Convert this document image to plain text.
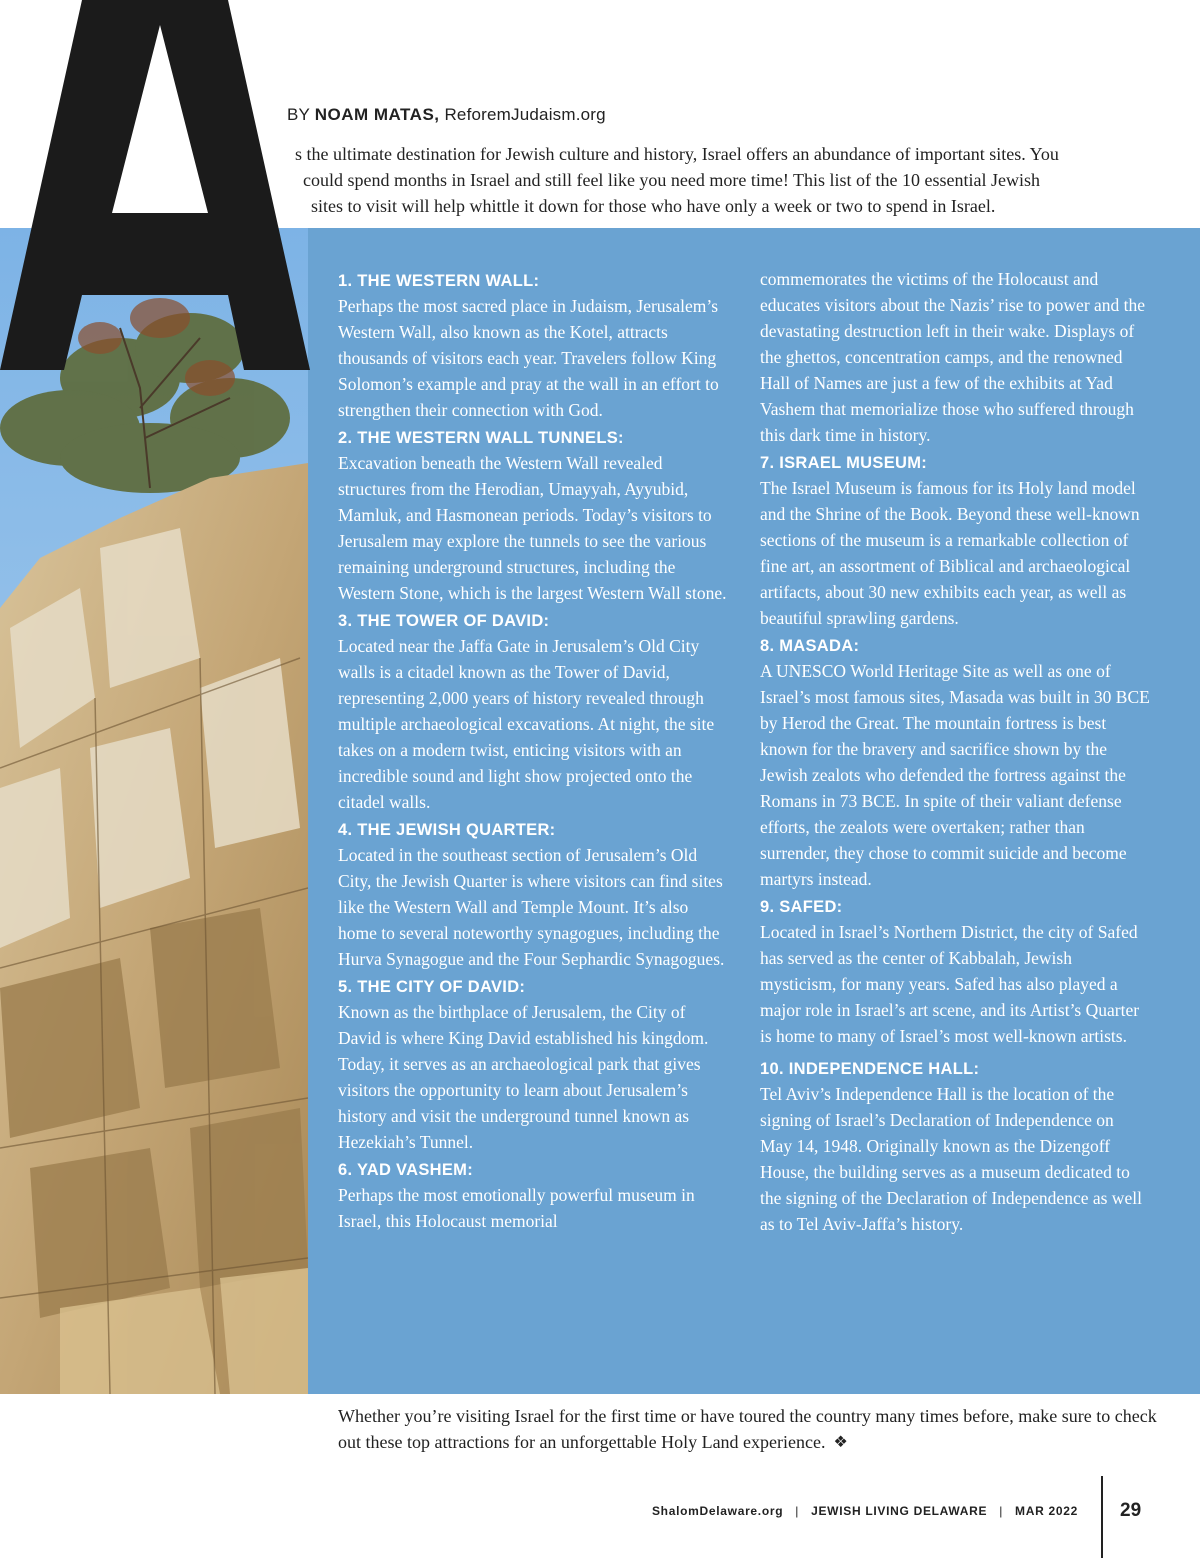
BY NOAM MATAS, ReforemJudaism.org
s the ultimate destination for Jewish culture and history, Israel offers an abundance of important sites. You
could spend months in Israel and still feel like you need more time! This list of the 10 essential Jewish
sites to visit will help whittle it down for those who have only a week or two to spend in Israel.
1. THE WESTERN WALL:

Perhaps the most sacred place in Judaism, Jerusalem’s Western Wall, also known as the Kotel, attracts thousands of visitors each year. Travelers follow King Solomon’s example and pray at the wall in an effort to strengthen their connection with God.

2. THE WESTERN WALL TUNNELS:

Excavation beneath the Western Wall revealed structures from the Herodian, Umayyah, Ayyubid, Mamluk, and Hasmonean periods. Today’s visitors to Jerusalem may explore the tunnels to see the various remaining underground structures, including the Western Stone, which is the largest Western Wall stone.

3. THE TOWER OF DAVID:

Located near the Jaffa Gate in Jerusalem’s Old City walls is a citadel known as the Tower of David, representing 2,000 years of history revealed through multiple archaeological excavations. At night, the site takes on a modern twist, enticing visitors with an incredible sound and light show projected onto the citadel walls.

4. THE JEWISH QUARTER:

Located in the southeast section of Jerusalem’s Old City, the Jewish Quarter is where visitors can find sites like the Western Wall and Temple Mount. It’s also home to several noteworthy synagogues, including the Hurva Synagogue and the Four Sephardic Synagogues.

5. THE CITY OF DAVID:

Known as the birthplace of Jerusalem, the City of David is where King David established his kingdom. Today, it serves as an archaeological park that gives visitors the opportunity to learn about Jerusalem’s history and visit the underground tunnel known as Hezekiah’s Tunnel.

6. YAD VASHEM:

Perhaps the most emotionally powerful museum in Israel, this Holocaust memorial

commemorates the victims of the Holocaust and educates visitors about the Nazis’ rise to power and the devastating destruction left in their wake. Displays of the ghettos, concentration camps, and the renowned Hall of Names are just a few of the exhibits at Yad Vashem that memorialize those who suffered through this dark time in history.

7. ISRAEL MUSEUM:

The Israel Museum is famous for its Holy land model and the Shrine of the Book. Beyond these well-known sections of the museum is a remarkable collection of fine art, an assortment of Biblical and archaeological artifacts, about 30 new exhibits each year, as well as beautiful sprawling gardens.

8. MASADA:

A UNESCO World Heritage Site as well as one of Israel’s most famous sites, Masada was built in 30 BCE by Herod the Great. The mountain fortress is best known for the bravery and sacrifice shown by the Jewish zealots who defended the fortress against the Romans in 73 BCE. In spite of their valiant defense efforts, the zealots were overtaken; rather than surrender, they chose to commit suicide and become martyrs instead.

9. SAFED:

Located in Israel’s Northern District, the city of Safed has served as the center of Kabbalah, Jewish mysticism, for many years. Safed has also played a major role in Israel’s art scene, and its Artist’s Quarter is home to many of Israel’s most well-known artists.

10. INDEPENDENCE HALL:

Tel Aviv’s Independence Hall is the location of the signing of Israel’s Declaration of Independence on May 14, 1948. Originally known as the Dizengoff House, the building serves as a museum dedicated to the signing of the Declaration of Independence as well as to Tel Aviv-Jaffa’s history.

Whether you’re visiting Israel for the first time or have toured the country many times before, make sure to check out these top attractions for an unforgettable Holy Land experience. ❖
ShalomDelaware.org | JEWISH LIVING DELAWARE | MAR 2022 29
